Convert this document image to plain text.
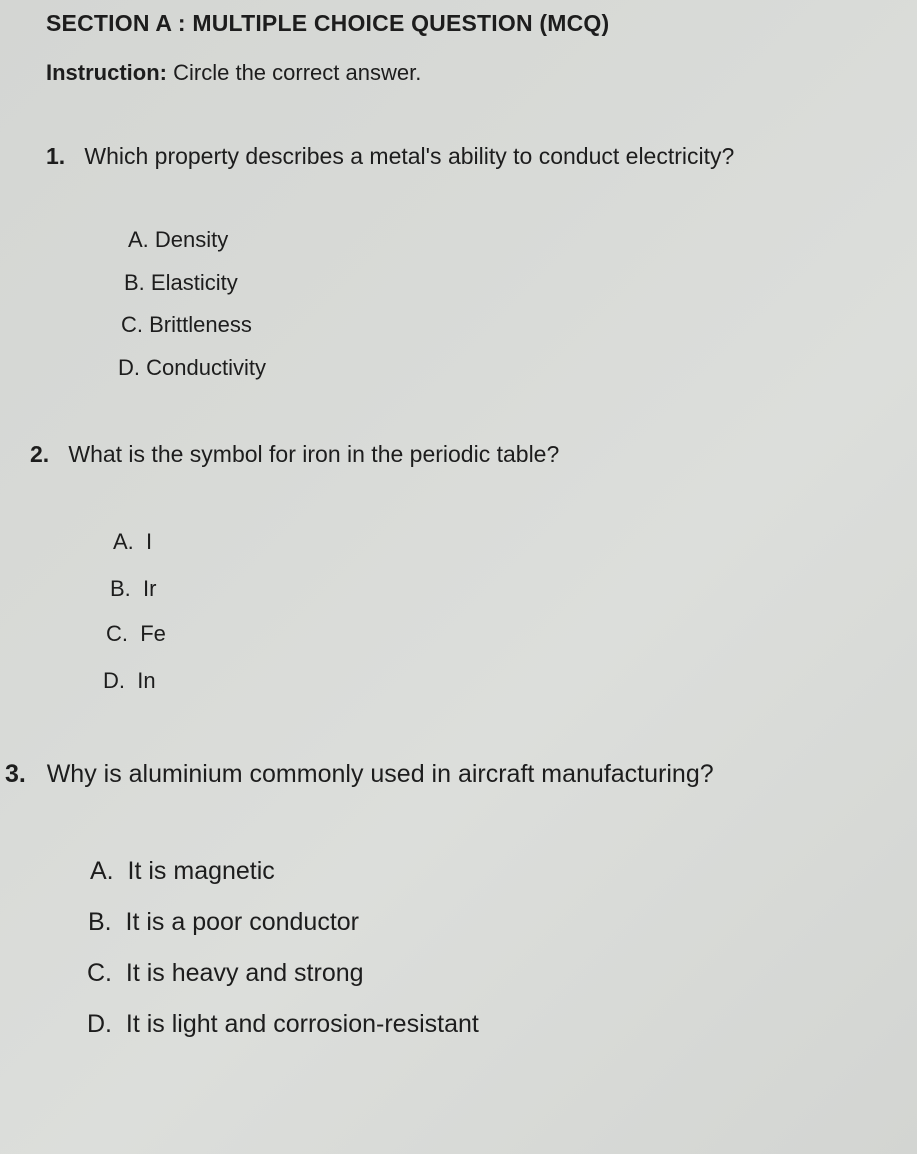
SECTION A : MULTIPLE CHOICE QUESTION (MCQ)
Instruction: Circle the correct answer.
1. Which property describes a metal's ability to conduct electricity?
A. Density
B. Elasticity
C. Brittleness
D. Conductivity
2. What is the symbol for iron in the periodic table?
A. I
B. Ir
C. Fe
D. In
3. Why is aluminium commonly used in aircraft manufacturing?
A. It is magnetic
B. It is a poor conductor
C. It is heavy and strong
D. It is light and corrosion-resistant
